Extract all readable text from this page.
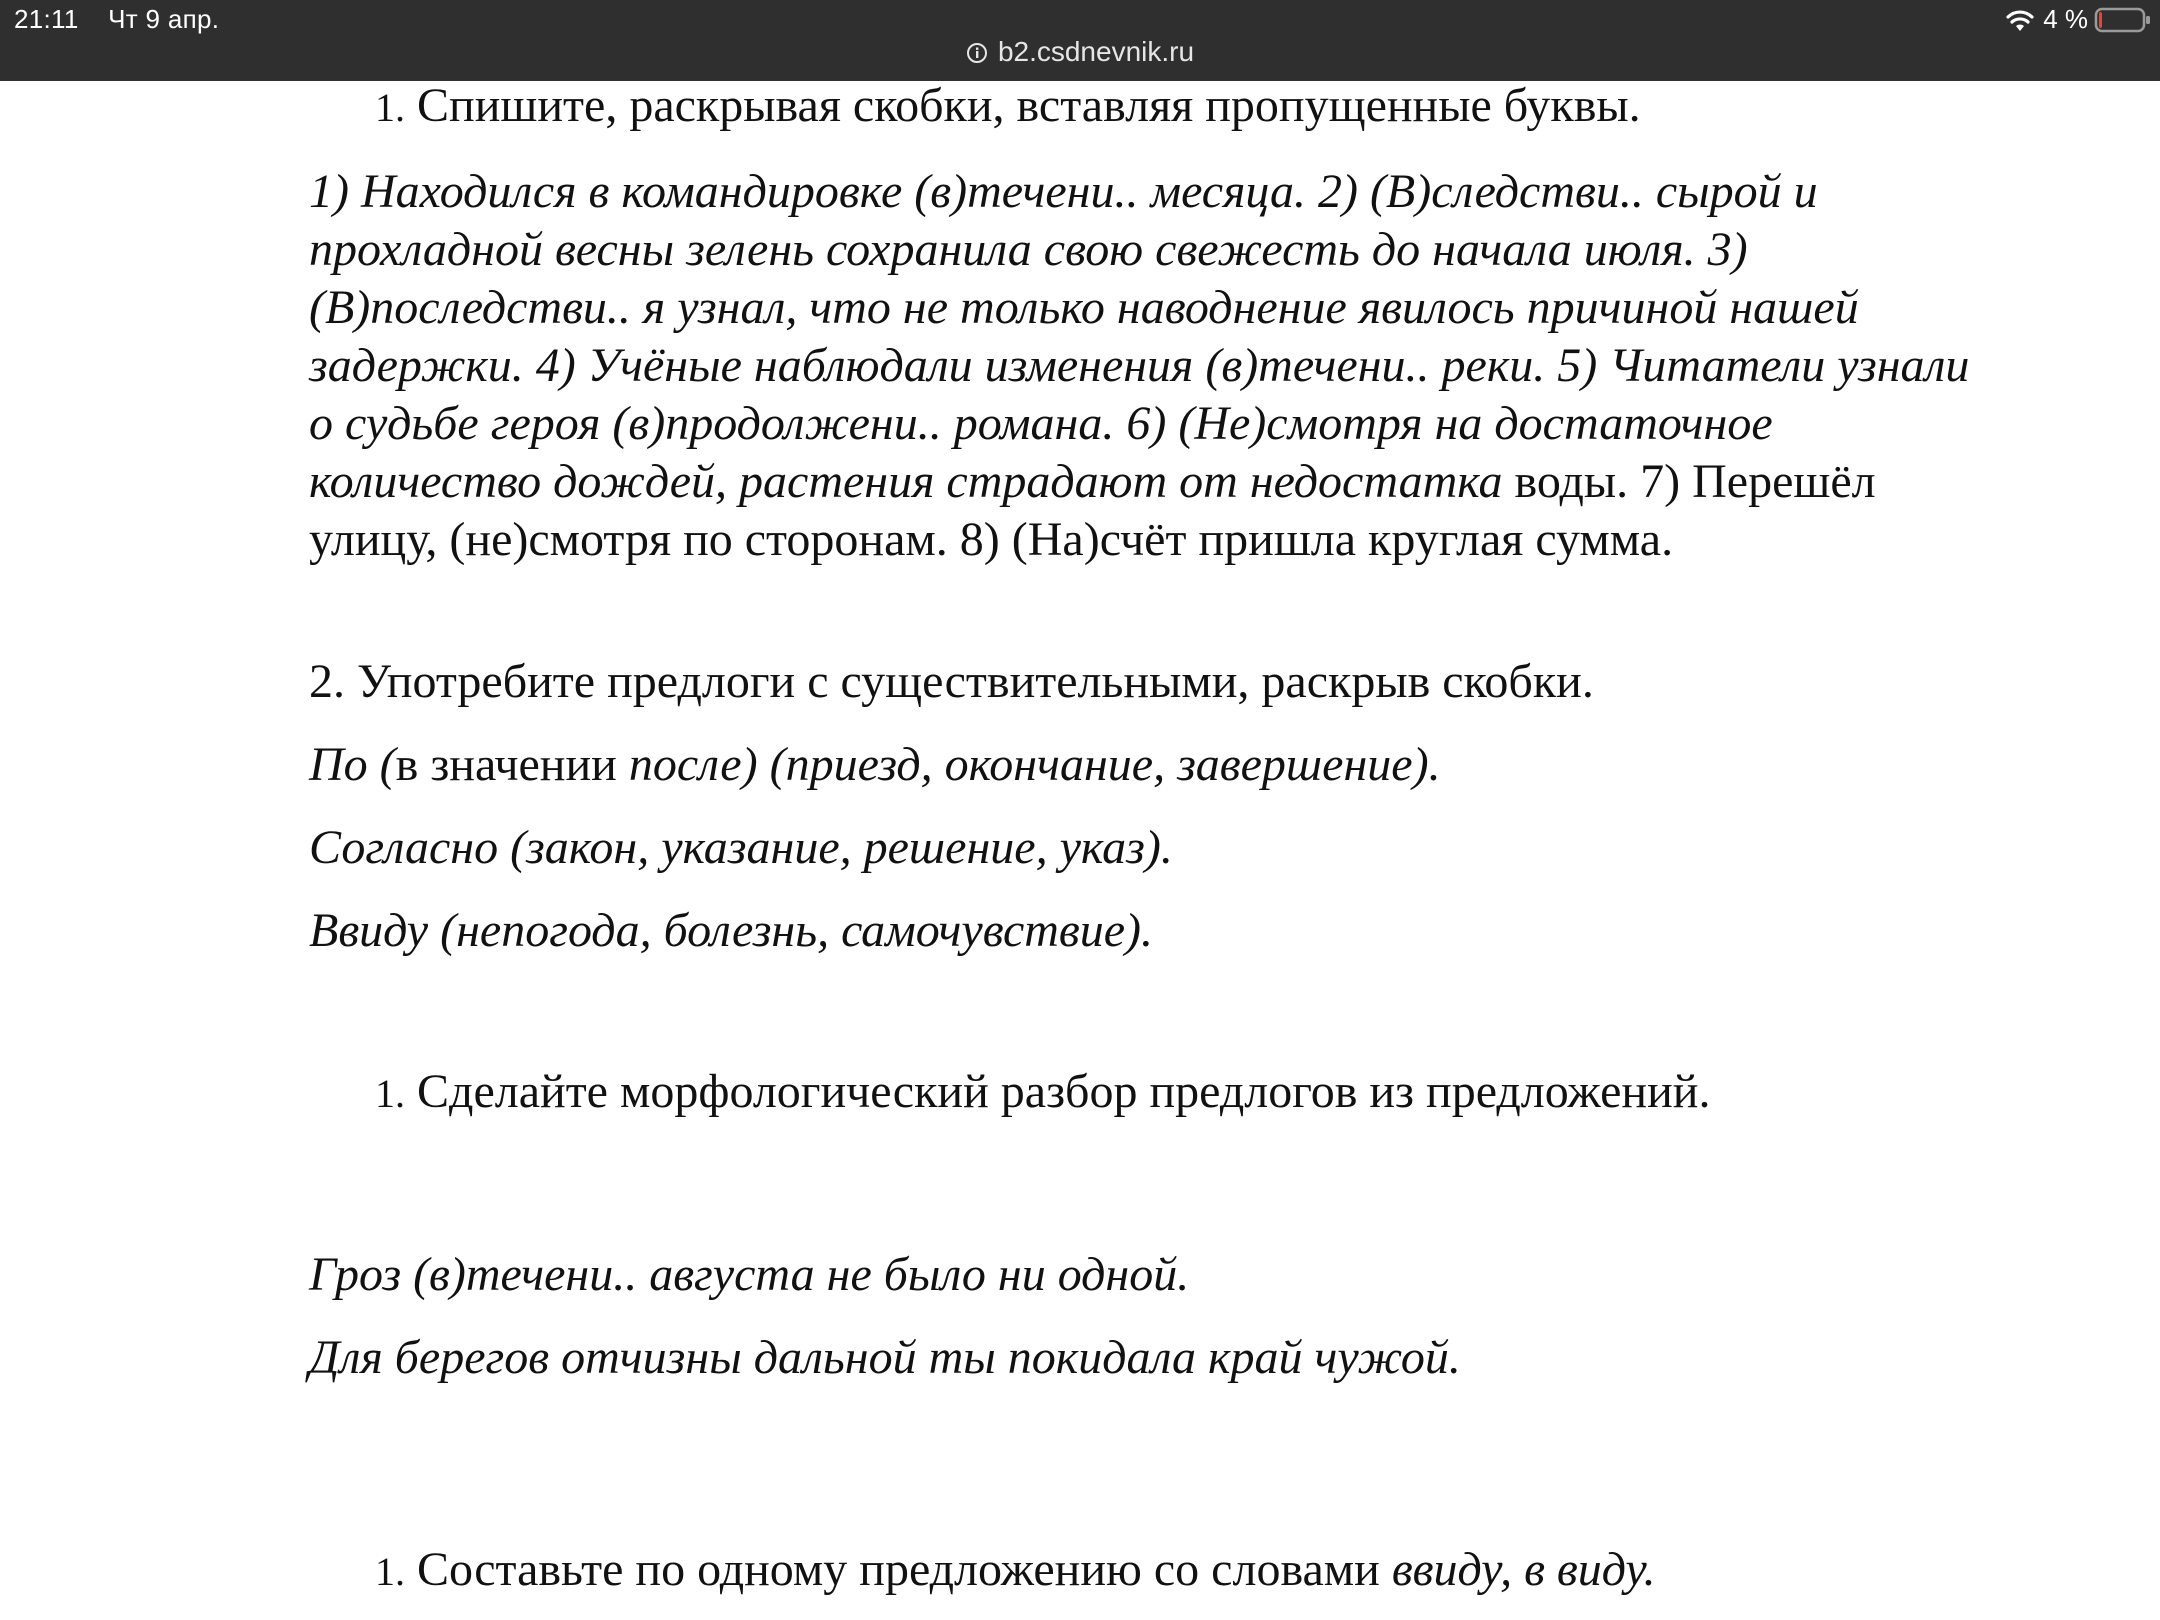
21:11 Чт 9 апр.	4 %
b2.csdnevnik.ru

1. Спишите, раскрывая скобки, вставляя пропущенные буквы.

1) Находился в командировке (в)течени.. месяца. 2) (В)следстви.. сырой и прохладной весны зелень сохранила свою свежесть до начала июля. 3) (В)последстви.. я узнал, что не только наводнение явилось причиной нашей задержки. 4) Учёные наблюдали изменения (в)течени.. реки. 5) Читатели узнали о судьбе героя (в)продолжени.. романа. 6) (Не)смотря на достаточное количество дождей, растения страдают от недостатка воды. 7) Перешёл улицу, (не)смотря по сторонам. 8) (На)счёт пришла круглая сумма.

2. Употребите предлоги с существительными, раскрыв скобки.

По (в значении после) (приезд, окончание, завершение).

Согласно (закон, указание, решение, указ).

Ввиду (непогода, болезнь, самочувствие).

1. Сделайте морфологический разбор предлогов из предложений.

Гроз (в)течени.. августа не было ни одной.

Для берегов отчизны дальной ты покидала край чужой.

1. Составьте по одному предложению со словами ввиду, в виду.
